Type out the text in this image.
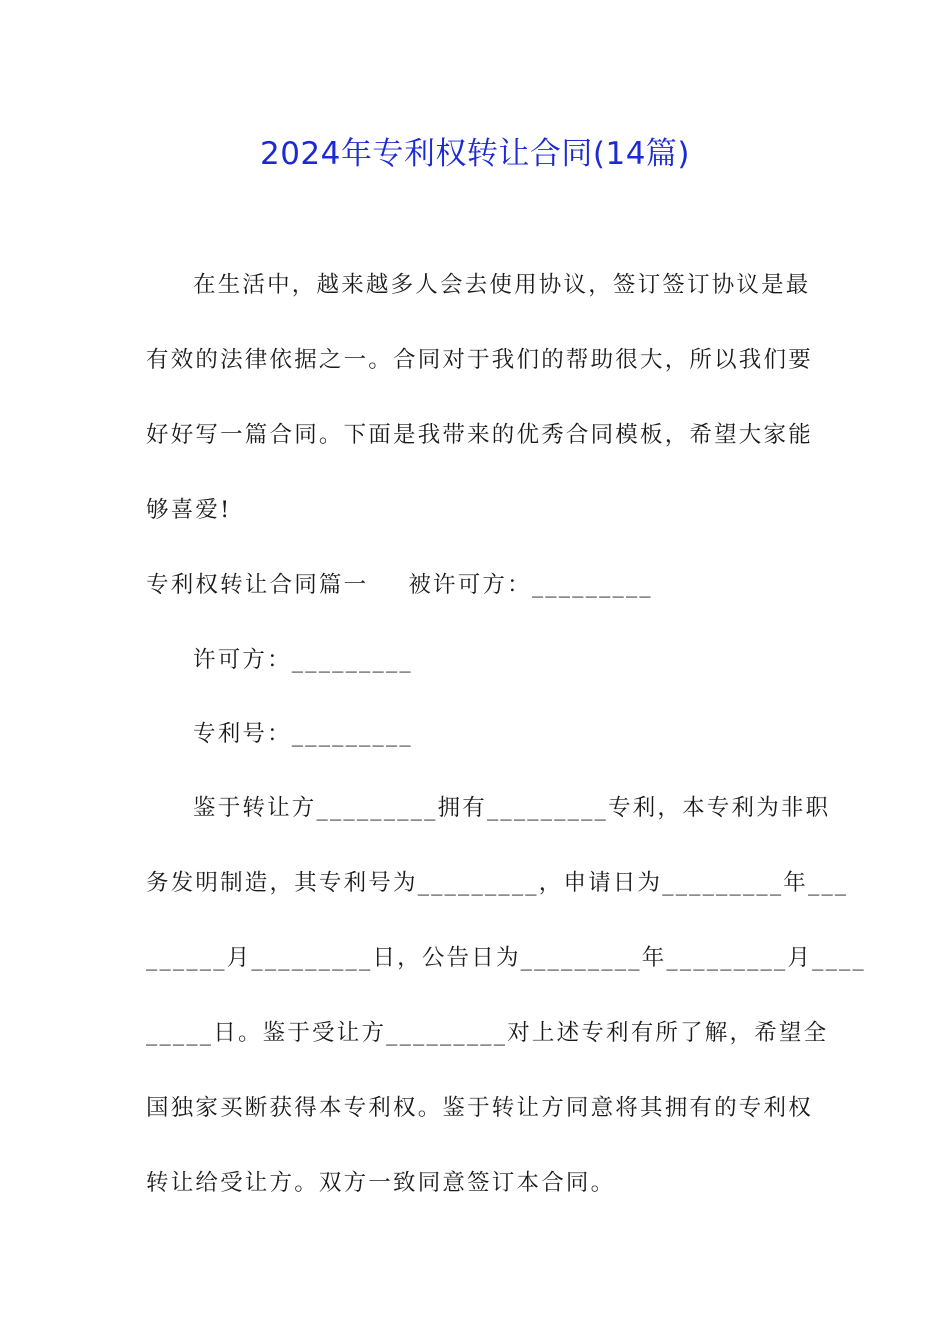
2024年专利权转让合同(14篇)
在生活中，越来越多人会去使用协议，签订签订协议是最
有效的法律依据之一。合同对于我们的帮助很大，所以我们要
好好写一篇合同。下面是我带来的优秀合同模板，希望大家能
够喜爱!
专利权转让合同篇一 被许可方：_________
许可方：_________
专利号：_________
鉴于转让方_________拥有_________专利，本专利为非职
务发明制造，其专利号为_________，申请日为_________年___
______月_________日，公告日为_________年_________月____
_____日。鉴于受让方_________对上述专利有所了解，希望全
国独家买断获得本专利权。鉴于转让方同意将其拥有的专利权
转让给受让方。双方一致同意签订本合同。
